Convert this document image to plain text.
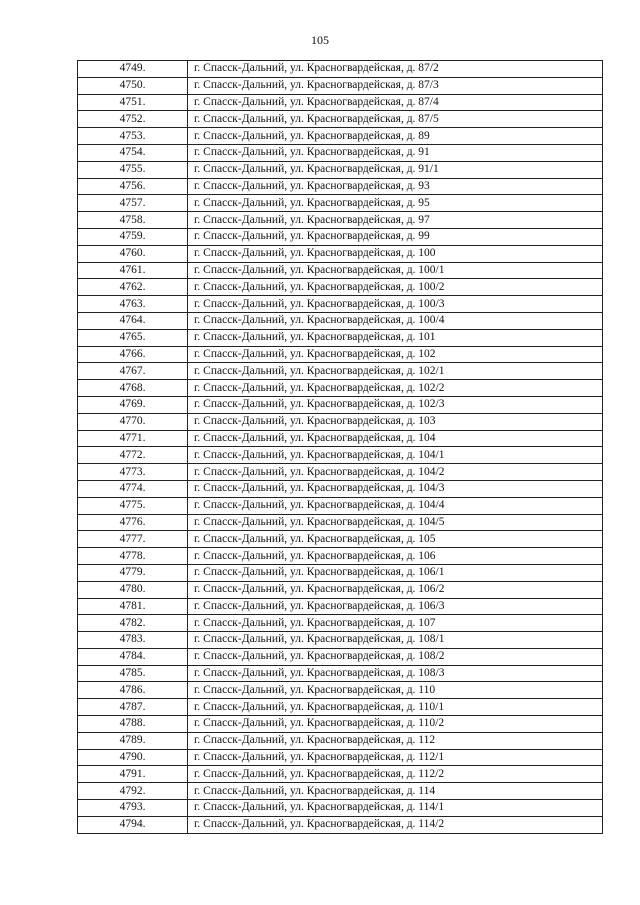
105
4749.	г. Спасск-Дальний, ул. Красногвардейская, д. 87/2
4750.	г. Спасск-Дальний, ул. Красногвардейская, д. 87/3
4751.	г. Спасск-Дальний, ул. Красногвардейская, д. 87/4
4752.	г. Спасск-Дальний, ул. Красногвардейская, д. 87/5
4753.	г. Спасск-Дальний, ул. Красногвардейская, д. 89
4754.	г. Спасск-Дальний, ул. Красногвардейская, д. 91
4755.	г. Спасск-Дальний, ул. Красногвардейская, д. 91/1
4756.	г. Спасск-Дальний, ул. Красногвардейская, д. 93
4757.	г. Спасск-Дальний, ул. Красногвардейская, д. 95
4758.	г. Спасск-Дальний, ул. Красногвардейская, д. 97
4759.	г. Спасск-Дальний, ул. Красногвардейская, д. 99
4760.	г. Спасск-Дальний, ул. Красногвардейская, д. 100
4761.	г. Спасск-Дальний, ул. Красногвардейская, д. 100/1
4762.	г. Спасск-Дальний, ул. Красногвардейская, д. 100/2
4763.	г. Спасск-Дальний, ул. Красногвардейская, д. 100/3
4764.	г. Спасск-Дальний, ул. Красногвардейская, д. 100/4
4765.	г. Спасск-Дальний, ул. Красногвардейская, д. 101
4766.	г. Спасск-Дальний, ул. Красногвардейская, д. 102
4767.	г. Спасск-Дальний, ул. Красногвардейская, д. 102/1
4768.	г. Спасск-Дальний, ул. Красногвардейская, д. 102/2
4769.	г. Спасск-Дальний, ул. Красногвардейская, д. 102/3
4770.	г. Спасск-Дальний, ул. Красногвардейская, д. 103
4771.	г. Спасск-Дальний, ул. Красногвардейская, д. 104
4772.	г. Спасск-Дальний, ул. Красногвардейская, д. 104/1
4773.	г. Спасск-Дальний, ул. Красногвардейская, д. 104/2
4774.	г. Спасск-Дальний, ул. Красногвардейская, д. 104/3
4775.	г. Спасск-Дальний, ул. Красногвардейская, д. 104/4
4776.	г. Спасск-Дальний, ул. Красногвардейская, д. 104/5
4777.	г. Спасск-Дальний, ул. Красногвардейская, д. 105
4778.	г. Спасск-Дальний, ул. Красногвардейская, д. 106
4779.	г. Спасск-Дальний, ул. Красногвардейская, д. 106/1
4780.	г. Спасск-Дальний, ул. Красногвардейская, д. 106/2
4781.	г. Спасск-Дальний, ул. Красногвардейская, д. 106/3
4782.	г. Спасск-Дальний, ул. Красногвардейская, д. 107
4783.	г. Спасск-Дальний, ул. Красногвардейская, д. 108/1
4784.	г. Спасск-Дальний, ул. Красногвардейская, д. 108/2
4785.	г. Спасск-Дальний, ул. Красногвардейская, д. 108/3
4786.	г. Спасск-Дальний, ул. Красногвардейская, д. 110
4787.	г. Спасск-Дальний, ул. Красногвардейская, д. 110/1
4788.	г. Спасск-Дальний, ул. Красногвардейская, д. 110/2
4789.	г. Спасск-Дальний, ул. Красногвардейская, д. 112
4790.	г. Спасск-Дальний, ул. Красногвардейская, д. 112/1
4791.	г. Спасск-Дальний, ул. Красногвардейская, д. 112/2
4792.	г. Спасск-Дальний, ул. Красногвардейская, д. 114
4793.	г. Спасск-Дальний, ул. Красногвардейская, д. 114/1
4794.	г. Спасск-Дальний, ул. Красногвардейская, д. 114/2
